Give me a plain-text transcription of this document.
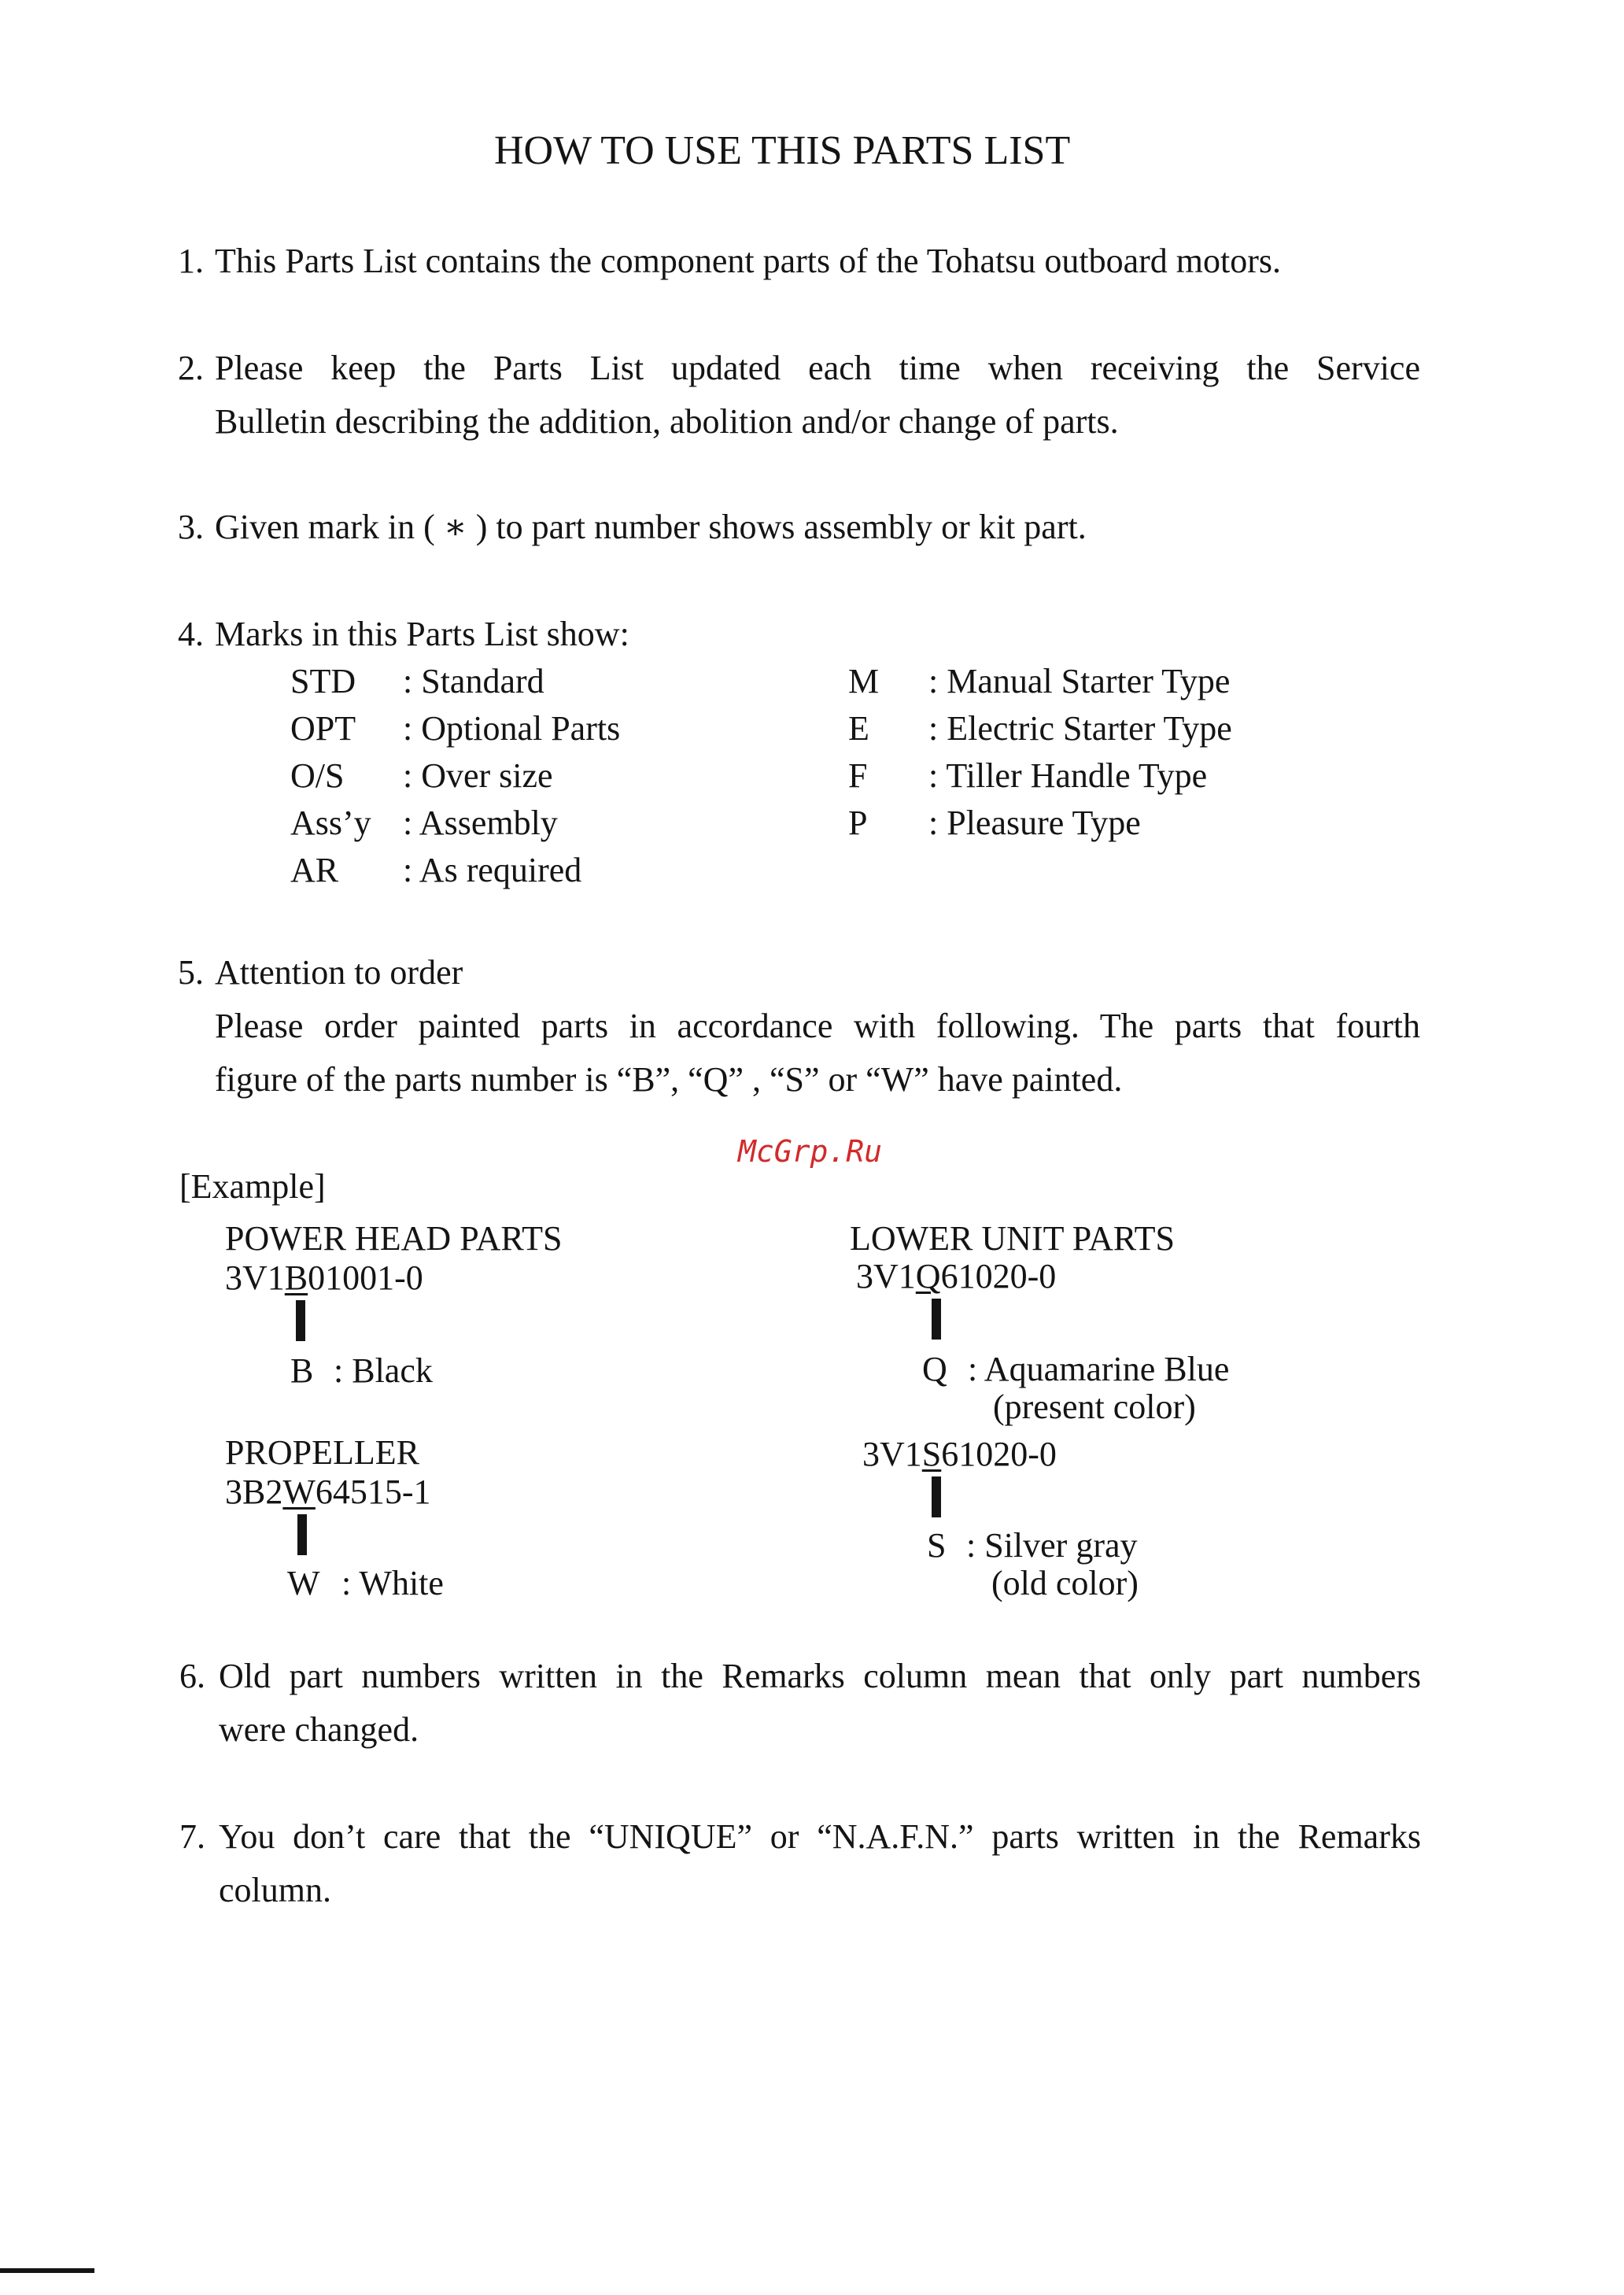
HOW TO USE THIS PARTS LIST
1. This Parts List contains the component parts of the Tohatsu outboard motors.
2. Please keep the Parts List updated each time when receiving the Service
Bulletin describing the addition, abolition and/or change of parts.
3. Given mark in ( ∗ ) to part number shows assembly or kit part.
4. Marks in this Parts List show:
STD : Standard
OPT : Optional Parts
O/S : Over size
Ass’y : Assembly
AR : As required
M : Manual Starter Type
E : Electric Starter Type
F : Tiller Handle Type
P : Pleasure Type
5. Attention to order
Please order painted parts in accordance with following. The parts that fourth
figure of the parts number is “B”, “Q” , “S” or “W” have painted.
McGrp.Ru
[Example]
POWER HEAD PARTS
3V1B01001-0
B : Black
PROPELLER
3B2W64515-1
W : White
LOWER UNIT PARTS
3V1Q61020-0
Q : Aquamarine Blue
(present color)
3V1S61020-0
S : Silver gray
(old color)
6. Old part numbers written in the Remarks column mean that only part numbers
were changed.
7. You don’t care that the “UNIQUE” or “N.A.F.N.” parts written in the Remarks
column.
